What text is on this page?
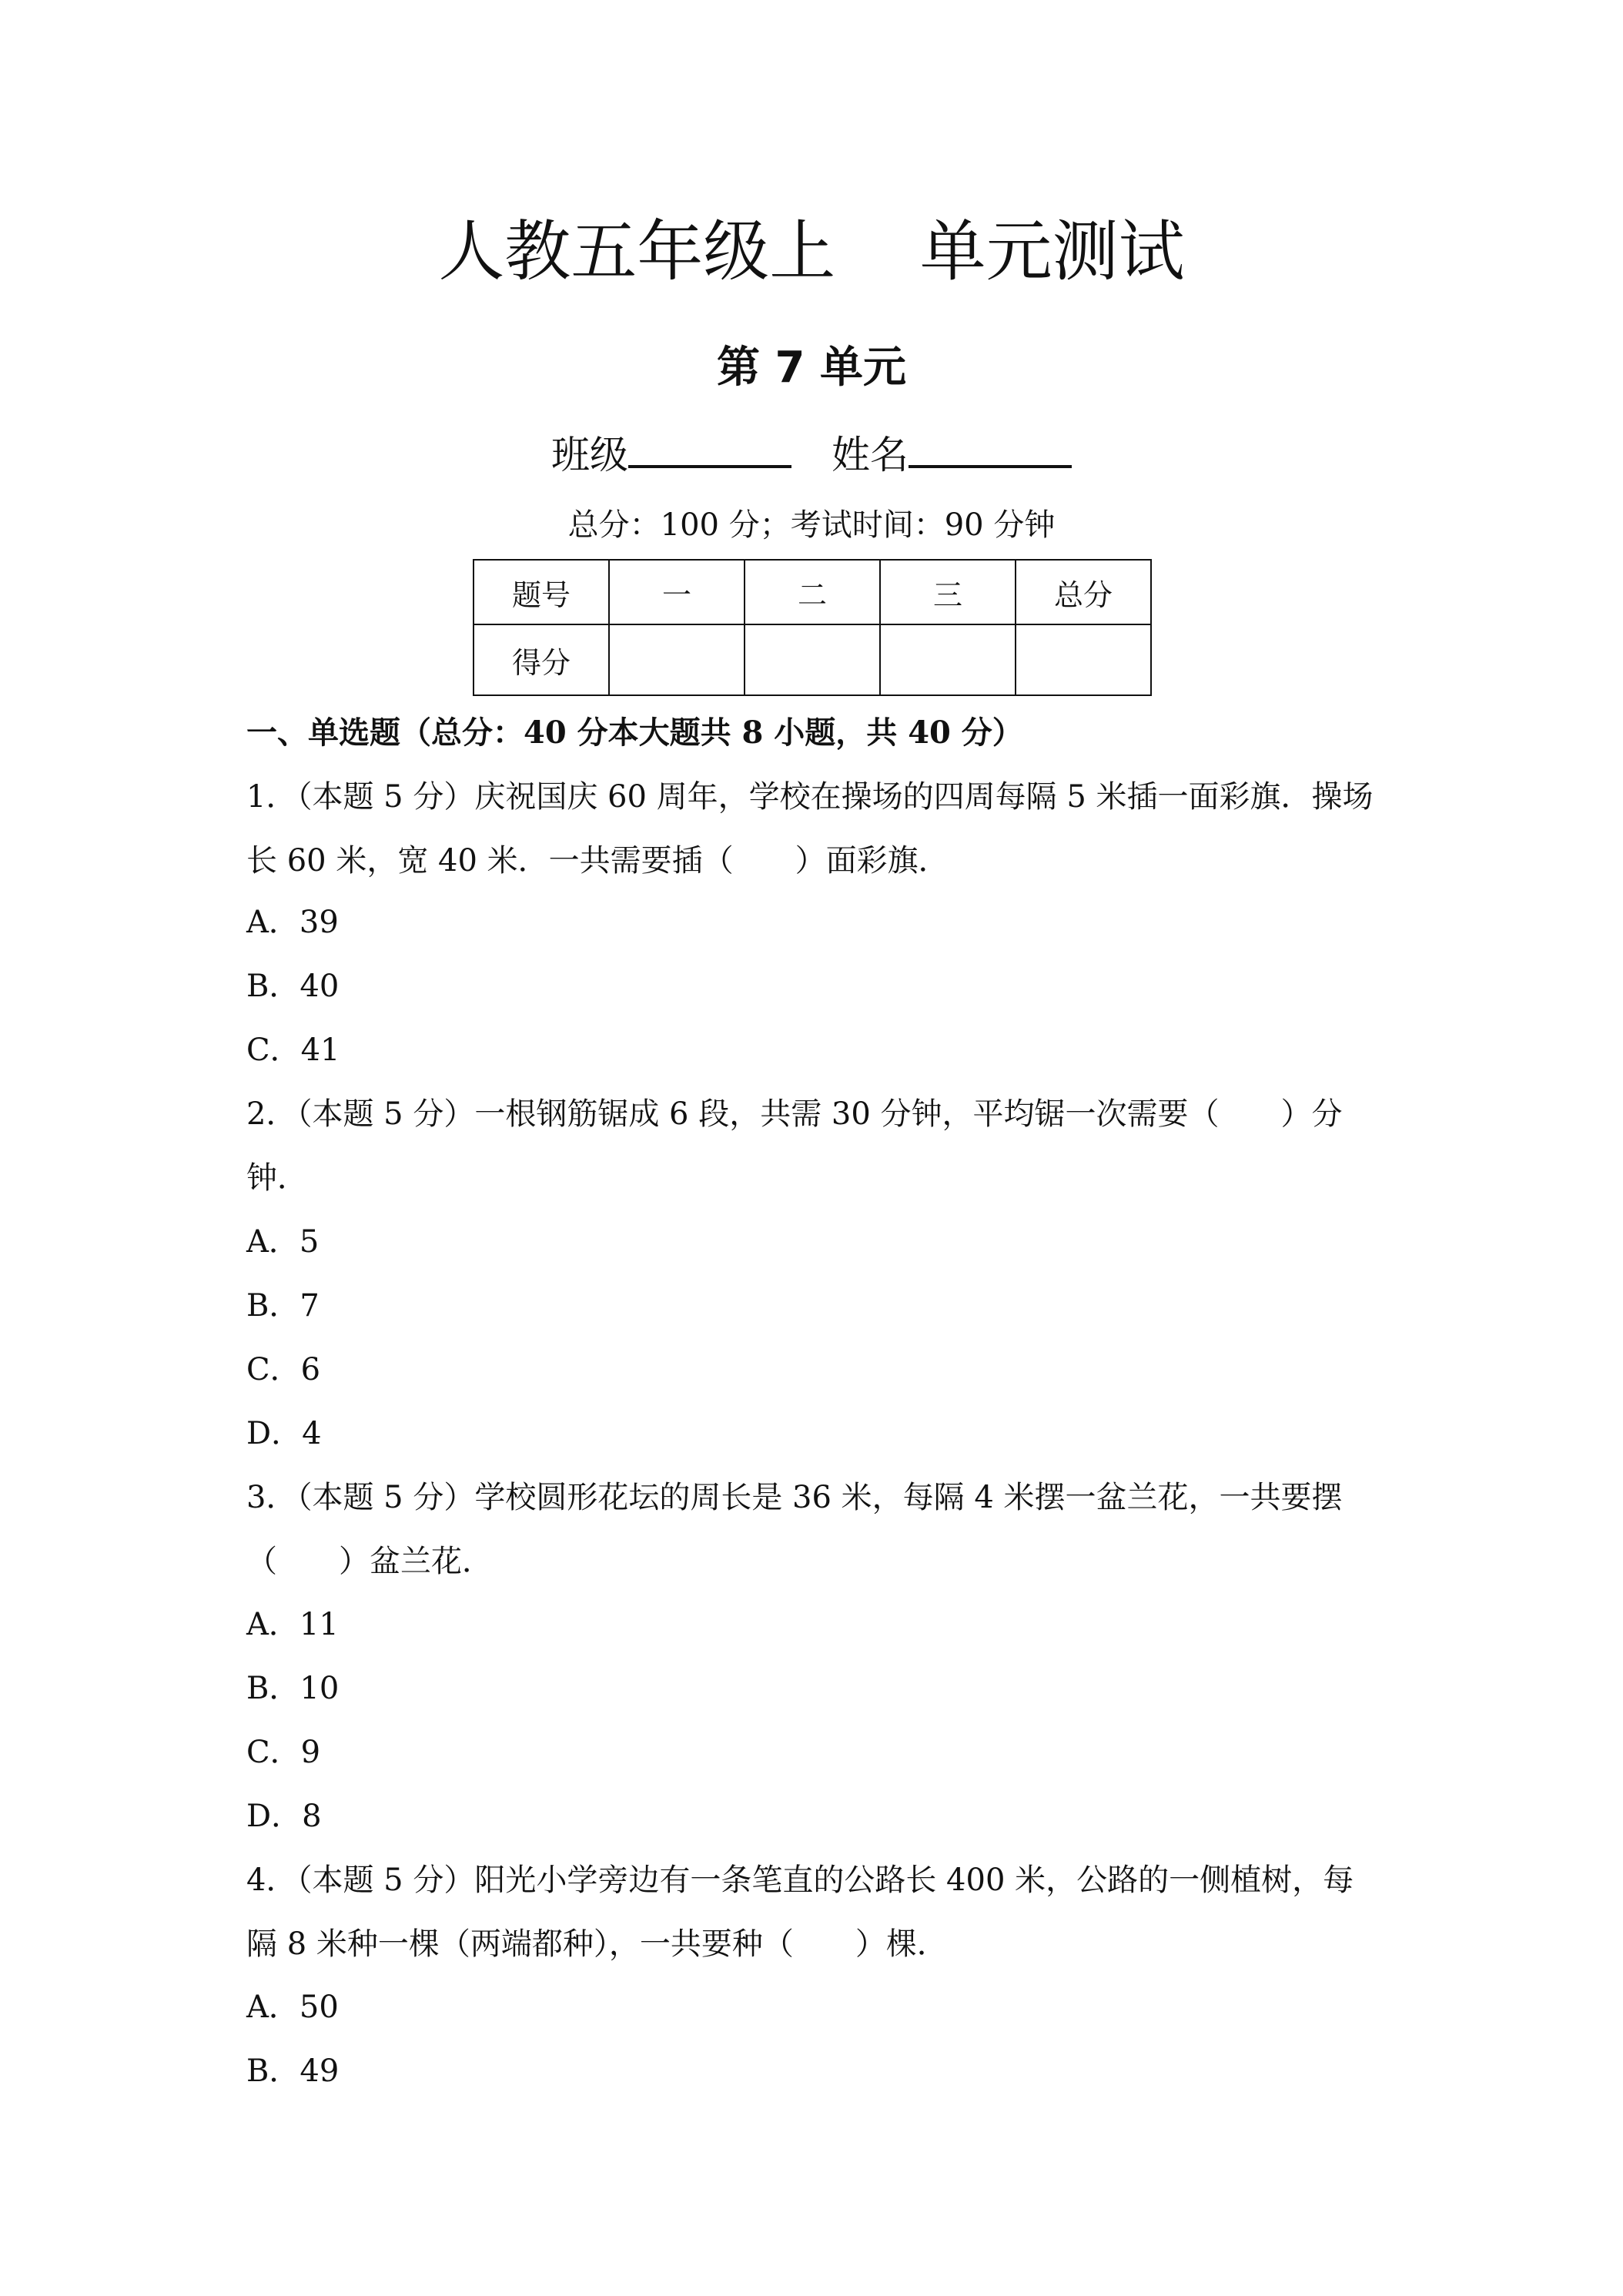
人教五年级上    单元测试
第 7 单元
班级	姓名
总分：100 分；考试时间：90 分钟
题号	一	二	三	总分
得分				
一、单选题（总分：40 分本大题共 8 小题，共 40 分）
1．（本题 5 分）庆祝国庆 60 周年，学校在操场的四周每隔 5 米插一面彩旗．操场长 60 米，宽 40 米．一共需要插（　　）面彩旗．
A．39
B．40
C．41
2．（本题 5 分）一根钢筋锯成 6 段，共需 30 分钟，平均锯一次需要（　　）分钟．
A．5
B．7
C．6
D．4
3．（本题 5 分）学校圆形花坛的周长是 36 米，每隔 4 米摆一盆兰花，一共要摆（　　）盆兰花．
A．11
B．10
C．9
D．8
4．（本题 5 分）阳光小学旁边有一条笔直的公路长 400 米，公路的一侧植树，每隔 8 米种一棵（两端都种），一共要种（　　）棵．
A．50
B．49
